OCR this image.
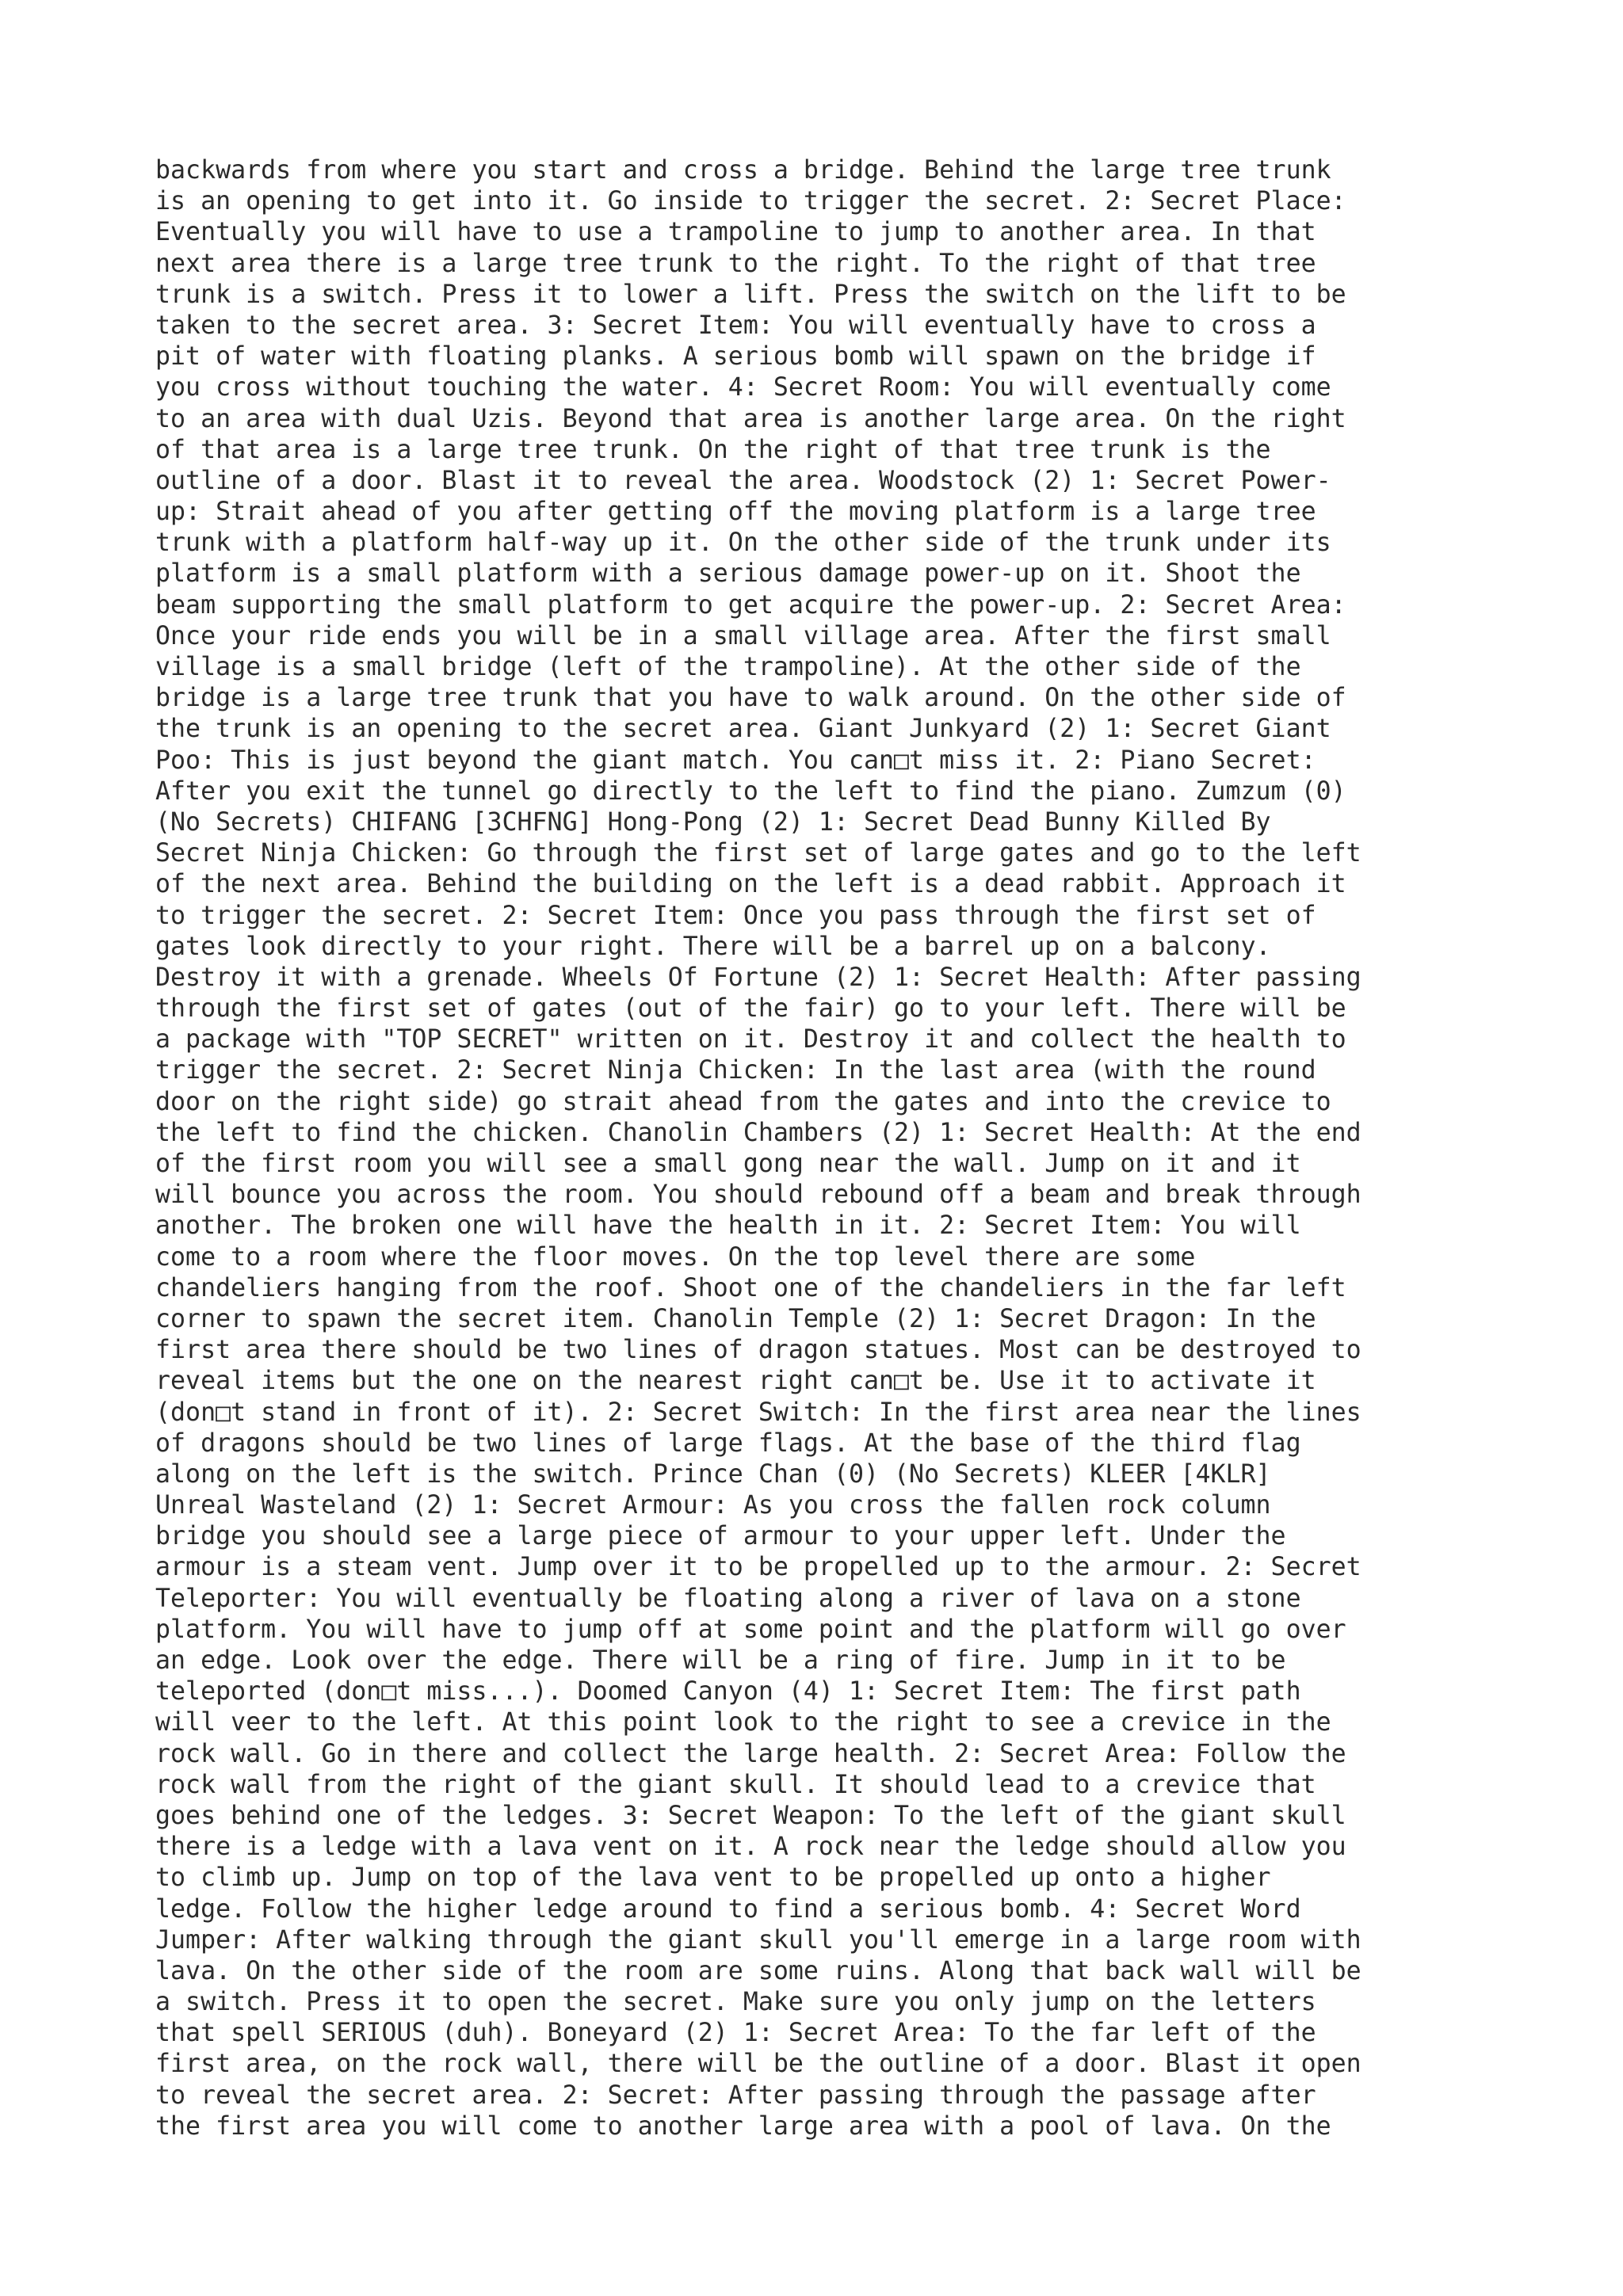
backwards from where you start and cross a bridge. Behind the large tree trunk
is an opening to get into it. Go inside to trigger the secret. 2: Secret Place:
Eventually you will have to use a trampoline to jump to another area. In that
next area there is a large tree trunk to the right. To the right of that tree
trunk is a switch. Press it to lower a lift. Press the switch on the lift to be
taken to the secret area. 3: Secret Item: You will eventually have to cross a
pit of water with floating planks. A serious bomb will spawn on the bridge if
you cross without touching the water. 4: Secret Room: You will eventually come
to an area with dual Uzis. Beyond that area is another large area. On the right
of that area is a large tree trunk. On the right of that tree trunk is the
outline of a door. Blast it to reveal the area. Woodstock (2) 1: Secret Power-
up: Strait ahead of you after getting off the moving platform is a large tree
trunk with a platform half-way up it. On the other side of the trunk under its
platform is a small platform with a serious damage power-up on it. Shoot the
beam supporting the small platform to get acquire the power-up. 2: Secret Area:
Once your ride ends you will be in a small village area. After the first small
village is a small bridge (left of the trampoline). At the other side of the
bridge is a large tree trunk that you have to walk around. On the other side of
the trunk is an opening to the secret area. Giant Junkyard (2) 1: Secret Giant
Poo: This is just beyond the giant match. You can□t miss it. 2: Piano Secret:
After you exit the tunnel go directly to the left to find the piano. Zumzum (0)
(No Secrets) CHIFANG [3CHFNG] Hong-Pong (2) 1: Secret Dead Bunny Killed By
Secret Ninja Chicken: Go through the first set of large gates and go to the left
of the next area. Behind the building on the left is a dead rabbit. Approach it
to trigger the secret. 2: Secret Item: Once you pass through the first set of
gates look directly to your right. There will be a barrel up on a balcony.
Destroy it with a grenade. Wheels Of Fortune (2) 1: Secret Health: After passing
through the first set of gates (out of the fair) go to your left. There will be
a package with "TOP SECRET" written on it. Destroy it and collect the health to
trigger the secret. 2: Secret Ninja Chicken: In the last area (with the round
door on the right side) go strait ahead from the gates and into the crevice to
the left to find the chicken. Chanolin Chambers (2) 1: Secret Health: At the end
of the first room you will see a small gong near the wall. Jump on it and it
will bounce you across the room. You should rebound off a beam and break through
another. The broken one will have the health in it. 2: Secret Item: You will
come to a room where the floor moves. On the top level there are some
chandeliers hanging from the roof. Shoot one of the chandeliers in the far left
corner to spawn the secret item. Chanolin Temple (2) 1: Secret Dragon: In the
first area there should be two lines of dragon statues. Most can be destroyed to
reveal items but the one on the nearest right can□t be. Use it to activate it
(don□t stand in front of it). 2: Secret Switch: In the first area near the lines
of dragons should be two lines of large flags. At the base of the third flag
along on the left is the switch. Prince Chan (0) (No Secrets) KLEER [4KLR]
Unreal Wasteland (2) 1: Secret Armour: As you cross the fallen rock column
bridge you should see a large piece of armour to your upper left. Under the
armour is a steam vent. Jump over it to be propelled up to the armour. 2: Secret
Teleporter: You will eventually be floating along a river of lava on a stone
platform. You will have to jump off at some point and the platform will go over
an edge. Look over the edge. There will be a ring of fire. Jump in it to be
teleported (don□t miss...). Doomed Canyon (4) 1: Secret Item: The first path
will veer to the left. At this point look to the right to see a crevice in the
rock wall. Go in there and collect the large health. 2: Secret Area: Follow the
rock wall from the right of the giant skull. It should lead to a crevice that
goes behind one of the ledges. 3: Secret Weapon: To the left of the giant skull
there is a ledge with a lava vent on it. A rock near the ledge should allow you
to climb up. Jump on top of the lava vent to be propelled up onto a higher
ledge. Follow the higher ledge around to find a serious bomb. 4: Secret Word
Jumper: After walking through the giant skull you'll emerge in a large room with
lava. On the other side of the room are some ruins. Along that back wall will be
a switch. Press it to open the secret. Make sure you only jump on the letters
that spell SERIOUS (duh). Boneyard (2) 1: Secret Area: To the far left of the
first area, on the rock wall, there will be the outline of a door. Blast it open
to reveal the secret area. 2: Secret: After passing through the passage after
the first area you will come to another large area with a pool of lava. On the
